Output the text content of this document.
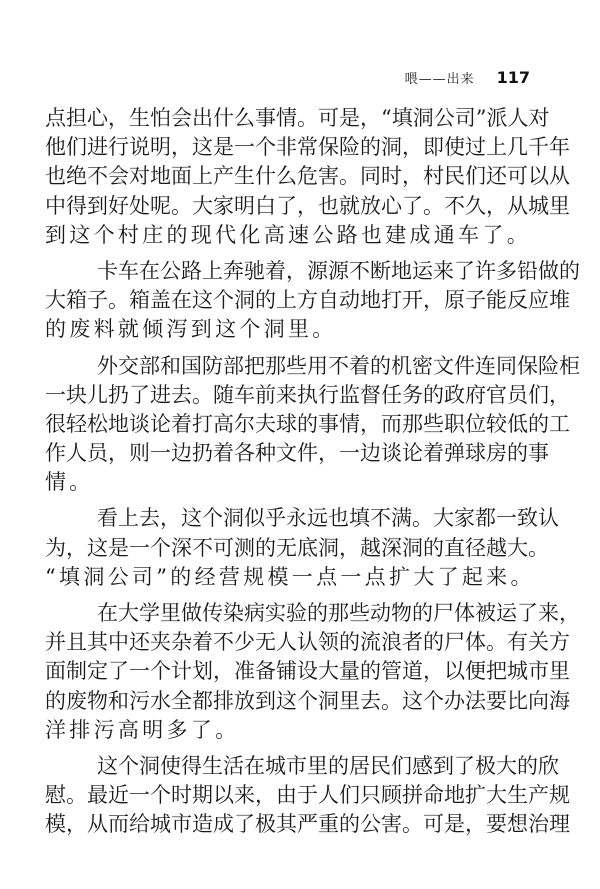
喂——出来 117
点担心，生怕会出什么事情。可是，“填洞公司”派人对
他们进行说明，这是一个非常保险的洞，即使过上几千年
也绝不会对地面上产生什么危害。同时，村民们还可以从
中得到好处呢。大家明白了，也就放心了。不久，从城里
到这个村庄的现代化高速公路也建成通车了。
卡车在公路上奔驰着，源源不断地运来了许多铅做的
大箱子。箱盖在这个洞的上方自动地打开，原子能反应堆
的废料就倾泻到这个洞里。
外交部和国防部把那些用不着的机密文件连同保险柜
一块儿扔了进去。随车前来执行监督任务的政府官员们，
很轻松地谈论着打高尔夫球的事情，而那些职位较低的工
作人员，则一边扔着各种文件，一边谈论着弹球房的事
情。
看上去，这个洞似乎永远也填不满。大家都一致认
为，这是一个深不可测的无底洞，越深洞的直径越大。
“填洞公司”的经营规模一点一点扩大了起来。
在大学里做传染病实验的那些动物的尸体被运了来，
并且其中还夹杂着不少无人认领的流浪者的尸体。有关方
面制定了一个计划，准备铺设大量的管道，以便把城市里
的废物和污水全都排放到这个洞里去。这个办法要比向海
洋排污高明多了。
这个洞使得生活在城市里的居民们感到了极大的欣
慰。最近一个时期以来，由于人们只顾拼命地扩大生产规
模，从而给城市造成了极其严重的公害。可是，要想治理
